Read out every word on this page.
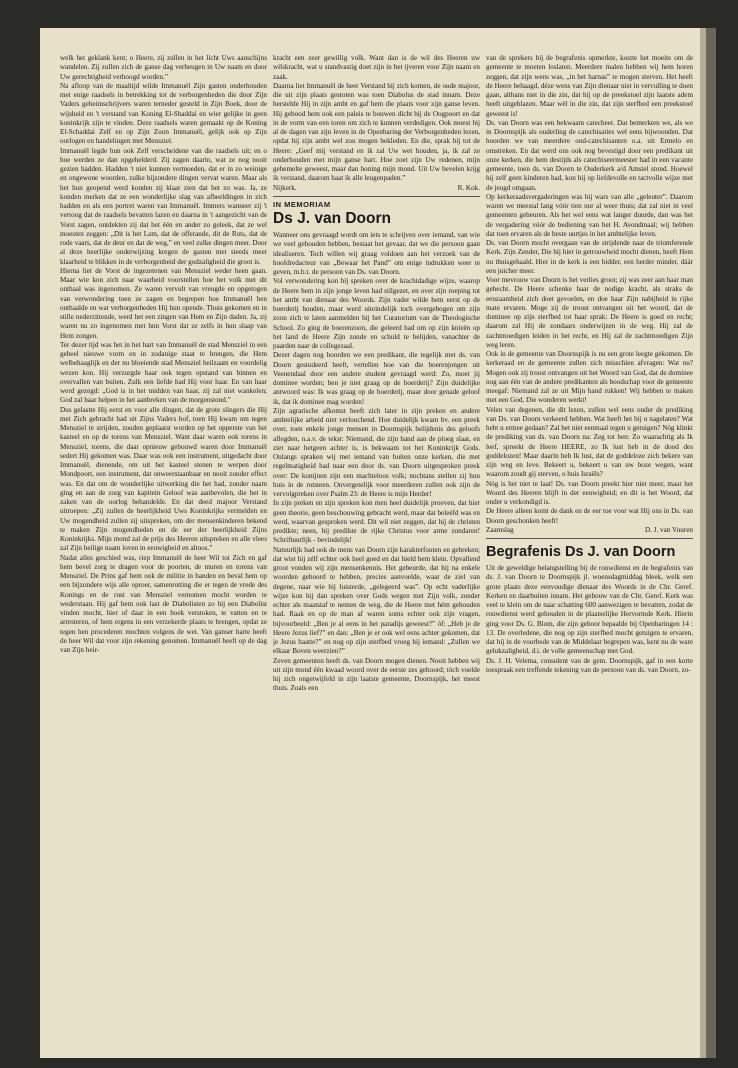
welk het geklank kent; o Heere, zij zullen in het licht Uws aanschijns wandelen. Zij zullen zich de ganse dag verheugen in Uw naam en door Uw gerechtigheid verhoogd worden.”

Na afloop van de maaltijd wilde Immanuël Zijn gasten onderhouden met enige raadsels in betrekking tot de verborgenheden die door Zijn Vaders geheimschrijvers waren terneder gesteld in Zijn Boek, door de wijsheid en 't verstand van Koning El-Shaddai en wier gelijke in geen koninkrijk zijn te vinden. Deze raadsels waren gemaakt op de Koning El-Schaddai Zelf en op Zijn Zoon Immanuël, gelijk ook op Zijn oorlogen en handelingen met Mensziel.

Immanuël legde hun ook Zelf verscheidene van die raadsels uit; en o hoe werden ze dan opgehelderd. Zij zagen daarin, wat ze nog nooit gezien hadden. Hadden 't niet kunnen vermoeden, dat er in zo weinige en ongewone woorden, zulke bijzondere dingen vervat waren. Maar als het hun geopend werd konden zij klaar zien dat het zo was. Ja, ze konden merken dat ze een wonderlijke slag van afbeeldingen in zich hadden en als een portret waren van Immanuël. Immers wanneer zij 't vertoog dat de raadsels bevatten lazen en daarna in 't aangezicht van de Vorst zagen, ontdekten zij dat het één en ander zo geleek, dat ze wel moesten zeggen: „Dit is het Lam, dat de offerande, dit de Rots, dat de rode vaars, dat de deur en dat de weg,” en veel zulke dingen meer. Door al deze heerlijke onderwijzing kregen de gasten met steeds meer klaarheid te blikken in de verborgenheid der godzaligheid die groot is.

Hierna liet de Vorst de ingezetenen van Mensziel weder heen gaan. Maar wie kon zich naar waarheid voorstellen hoe het volk met dit onthaal was ingenomen. Ze waren vervult van vreugde en opgetogen van verwondering toen ze zagen en begrepen hoe Immanuël hen onthaalde en wat verborgenheden Hij hun opende. Thuis gekomen en in stille nederzittende, werd het een zingen van Hem en Zijn daden. Ja, zij waren nu zo ingenomen met hun Vorst dat ze zelfs in hun slaap van Hem zongen.

Ter dezer tijd was het in het hart van Immanuël de stad Mensziel in een geheel nieuwe vorm en in zodanige staat te brengen, die Hem welbehaaglijk en der nu bloeiende stad Mensziel heilzaam en voordelig wezen kon. Hij verzorgde haar ook tegen opstand van binnen en overvallen van buiten. Zulk een liefde had Hij voor haar. En van haar werd gezegd: „God is in het midden van haar, zij zal niet wankelen; God zal haar helpen in het aanbreken van de morgenstond.”

Dus gelastte Hij eerst en voor alle dingen, dat de grote slingers die Hij met Zich gebracht had uit Zijns Vaders hof, toen Hij kwam om tegen Mensziel te strijden, zouden geplaatst worden op het opperste van het kasteel en op de torens van Mensziel. Want daar waren ook torens in Mensziel, torens, die daar opnieuw gebouwd waren door Immanuël sedert Hij gekomen was. Daar was ook een instrument, uitgedacht door Immanuël, dienende, om uit het kasteel stenen te werpen door Mondpoort, een instrument, dat onweerstaanbaar en nooit zonder effect was. En dat om de wonderlijke uitwerking die het had, zonder naam ging en aan de zorg van kapitein Geloof was aanbevolen, die het in zaken van de oorlog behandelde. En dat deed majoor Verstand uitroepen: „Zij zullen de heerlijkheid Uws Koninkrijks vermelden en Uw mogendheid zullen zij uitspreken, om der mensenkinderen bekend te maken Zijn mogendheden en de eer der heerlijkheid Zijns Koninkrijks. Mijn mond zal de prijs des Heeren uitspreken en alle vlees zal Zijn heilige naam loven in eeuwigheid en altoos.”

Nadat alles geschied was, riep Immanuël de heer Wil tot Zich en gaf hem bevel zorg te dragen voor de poorten, de muren en torens van Mensziel. De Prins gaf hem ook de militie in handen en beval hem op een bijzondere wijs alle oproer, samenrotting die er tegen de vrede des Konings en de rust van Mensziel vernomen mocht worden te wederstaan. Hij gaf hem ook last de Diabolisten zo hij een Diabolist vinden mocht, hier of daar in een hoek verstoken, te vatten en te arresteren, of hem ergens in een verzekerde plaats te brengen, opdat ze tegen hen procederen mochten volgens de wet. Van ganser harte heeft de heer Wil dat voor zijn rekening genomen. Immanuël heeft op de dag van Zijn heir-

kracht een zeer gewillig volk. Want dan is de wil des Heeren uw wilskracht, wat u standvastig doet zijn in het ijveren voor Zijn naam en zaak.

Daarna liet Immanuël de heer Verstand bij zich komen, de oude majoor, die uit zijn plaats gestoten was toen Diabolus de stad innam. Deze herstelde Hij in zijn ambt en gaf hem die plaats voor zijn ganse leven. Hij gebood hem ook een paleis te bouwen dicht bij de Oogpoort en dat in de vorm van een toren om zich te kunnen verdedigen. Ook moest hij al de dagen van zijn leven in de Openbaring der Verborgenheden lezen, opdat hij zijn ambt wel zou mogen bekleden. En die, sprak hij tot de Heere: „Geef mij verstand en ik zal Uw wet houden, ja, ik zal ze onderhouden met mijn ganse hart. Hoe zoet zijn Uw redenen, mijn gehemelte geweest, maar dan honing mijn mond. Uit Uw bevelen krijg ik verstand, daarom haat ik alle leugenpaden.”

Nijkerk.	R. Kok.
IN MEMORIAM
Ds J. van Doorn

Wanneer ons gevraagd wordt om iets te schrijven over iemand, van wie we veel gehouden hebben, bestaat het gevaar, dat we die persoon gaan idealiseren. Toch willen wij graag voldoen aan het verzoek van de hoofdredacteur van „Bewaar het Pand” om enige indrukken weer te geven, m.b.t. de persoon van Ds. van Doorn.

Vol verwondering kon hij spreken over de krachtdadige wijze, waarop de Heere hem in zijn jonge leven had stilgezet, en over zijn roeping tot het ambt van dienaar des Woords. Zijn vader wilde hem eerst op de boerderij houden, maar werd uiteindelijk toch overgebogen om zijn zoon zich te laten aanmelden bij het Curatorium van de Theologische School. Zo ging de boerenzoon, die geleerd had om op zijn knieën op het land de Heere Zijn zonde en schuld te belijden, vanachter de paarden naar de collegezaal.

Dezer dagen nog hoorden we een predikant, die tegelijk met ds. van Doorn gestudeerd heeft, vertellen hoe van die boerenjongen uit Veenendaal door een andere student gevraagd werd: Zo, moet jij dominee worden; ben je niet graag op de boerderij? Zijn duidelijke antwoord was: Ik was graag op de boerderij, maar door genade geloof ik, dat ik dominee mag worden!

Zijn agrarische afkomst heeft zich later in zijn preken en andere ambtelijke arbeid niet verloochend. Hoe duidelijk kwam bv. een preek over, toen enkele jonge mensen in Doornspijk belijdenis des geloofs aflegden, n.a.v. de tekst: Niemand, die zijn hand aan de ploeg slaat, en ziet naar hetgeen achter is, is bekwaam tot het Koninkrijk Gods. Onlangs spraken wij met iemand van buiten onze kerken, die met regelmatigheid had naar een door ds. van Doorn uitgesproken preek over: De konijnen zijn een machteloos volk; nochtans stellen zij hun huis in de rotsteen. Onvergetelijk voor meerderen zullen ook zijn de vervolgpreken over Psalm 23: de Heere is mijn Herder!

In zijn preken en zijn spreken kon men heel duidelijk proeven, dat hier geen theorie, geen beschouwing gebracht werd, maar dat beleéfd was en werd, waarvan gesproken werd. Dit wil niet zeggen, dat hij de christen predikte; neen, hij predikte de rijke Christus voor arme zondaren! Schriftuurlijk - bevindelijk!

Natuurlijk had ook de mens van Doorn zijn karakterfouten en gebreken; dat wist hij zélf echter ook heel goed en dat hield hem klein. Opvallend groot vonden wij zijn mensenkennis. Het gebeurde, dat hij na enkele woorden gehoord te hebben, precies aanvoelde, waar de ziel van degene, naar wie hij luisterde, „gelegeerd was”. Op echt vaderlijke wijze kon hij dan spreken over Gods wegen met Zijn volk, zonder echter als maatstaf te nemen de weg, die de Heere met hém gehouden had. Raak en op de man af waren soms echter ook zijn vragen, bijvoorbeeld: „Ben je al eens in het paradijs geweest?” óf: „Heb je de Heere Jezus lief?” en dan: „Ben je er ook wel eens achter gekomen, dat je Jezus haatte?” en nog op zijn sterfbed vroeg hij iemand: „Zullen we elkaar Boven weerzien?”

Zeven gemeenten heeft ds. van Doorn mogen dienen. Nooit hebben wij uit zijn mond één kwaad woord over de eerste zes gehoord; tóch voelde hij zich ongetwijfeld in zijn laatste gemeente, Doornspijk, het meest thuis. Zoals een

van de sprekers bij de begrafenis opmerkte, kostte het moeite om de gemeente te moeten loslaten. Meerdere malen hebben wij hem horen zeggen, dat zijn wens was, „in het harnas” te mogen sterven. Het heeft de Heere behaagd, déze wens van Zijn dienaar niet in vervulling te doen gaan, althans niet in die zin, dat hij op de preekstoel zijn laatste adem heeft uitgeblazen. Maar wèl in die zin, dat zijn sterfbed een preekstoel geweest is!

Ds. van Doorn was een bekwaam catecheet. Dat bemerkten we, als we in Doornspijk als ouderling de catechisaties wel eens bijwoonden. Dat hoorden we van meerdere oud-catechisanten o.a. uit Ermelo en omstreken. En dat werd ons ook nog bevestigd door een predikant uit onze kerken, die hem destijds als catechiseermeester had in een vacante gemeente, toen ds. van Doorn te Ouderkerk a/d Amstel stond. Hoewel hij zelf geen kinderen had, kon hij op liefdevolle en tactvolle wijze met de jeugd omgaan.

Op kerkeraadsvergaderingen was hij wars van alle „geleuter”. Daarom waren we meestal lang vóór tien uur al weer thuis; dat zal niet in veel gemeenten gebeuren. Als het wel eens wat langer duurde, dan was het de vergadering vóór de bediening van het H. Avondmaal; wij hebben dat toen ervaren als de beste uurtjes in het ambtelijke leven.

Ds. van Doorn mocht overgaan van de strijdende naar de triomferende Kerk. Zijn Zender, Die hij hier in getrouwheid mocht dienen, heeft Hem nu thuisgehaald. Hier in de kerk is een bidder, een herder minder, dáár een juicher meer.

Voor mevrouw van Doorn is het verlies groot; zij was zeer aan haar man gehecht. De Heere schenke haar de nodige kracht, als straks de eenzaamheid zich doet gevoelen, en doe haar Zijn nabijheid in rijke mate ervaren. Moge zij de troost ontvangen uit het woord, dat de dominee op zijn sterfbed tot haar sprak: De Heere is goed en recht; daarom zal Hij de zondaars onderwijzen in de weg. Hij zal de zachtmoedigen leiden in het recht, en Hij zal de zachtmoedigen Zijn weg leren.

Ook in de gemeente van Doornspijk is nu een grote leegte gekomen. De kerkeraad en de gemeente zullen zich misschien afvragen: Wat nu? Mogen ook zij troost ontvangen uit het Woord van God, dat de dominee nog aan één van de andere predikanten als boodschap voor de gemeente meegaf: Niemand zal ze uit Mijn hand rukken! Wij hebben te maken met een God, Die wonderen werkt!

Velen van degenen, die dit lezen, zullen wel eens onder de prediking van Ds. van Doorn verkeerd hebben. Wat heeft het bij u nagelaten? Wat hebt u ermee gedaan? Zal het niet eenmaal tegen u getuigen? Nóg klinkt de prediking van ds. van Doorn na: Zeg tot hen: Zo waarachtig als Ik leef, spreekt de Heere HEERE, zo Ik lust heb in de dood des goddelozen! Maar daarin heb Ik lust, dat de goddeloze zich bekere van zijn weg en leve. Bekeert u, bekeert u van uw boze wegen, want waarom zoudt gij sterven, o huis Israëls?

Nóg is het niet te laat! Ds. van Doorn preekt hier niet meer, maar het Woord des Heeren blijft in der eeuwigheid; en dit is het Woord, dat onder u verkondigd is.

De Heere alleen komt de dank en de eer toe voor wat Hij ons in Ds. van Doorn geschonken heeft!

Zaamslag	D. J. van Vuuren
Begrafenis Ds J. van Doorn

Uit de geweldige belangstelling bij de rouwdienst en de begrafenis van ds. J. van Doorn te Doornspijk jl. woensdagmiddag bleek, welk een grote plaats deze eenvoudige dienaar des Woords in de Chr. Geref. Kerken en daarbuiten innam. Het gebouw van de Chr. Geref. Kerk was veel te klein om de naar schatting 600 aanwezigen te bevatten, zodat de rouwdienst werd gehouden in de plaatselijke Hervormde Kerk. Hierin ging voor Ds. G. Blom, die zijn gehoor bepaalde bij Openbaringen 14 : 13. De overledene, die nog op zijn sterfbed mocht getuigen te ervaren, dat hij in de voorbede van de Middelaar begrepen was, kent nu de ware gelukzaligheid, d.i. de volle gemeenschap met God.

Ds. J. H. Velema, consulent van de gem. Doornspijk, gaf in een korte toespraak een treffende tekening van de persoon van ds. van Doorn, zo-
